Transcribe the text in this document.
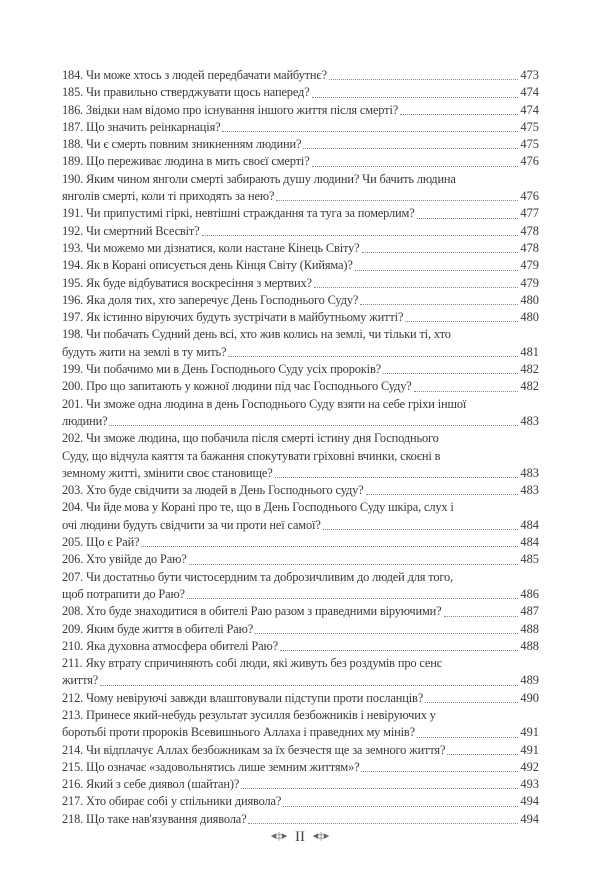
184. Чи може хтось з людей передбачати майбутнє?	473
185. Чи правильно стверджувати щось наперед?	474
186. Звідки нам відомо про існування іншого життя після смерті?	474
187. Що значить реінкарнація?	475
188. Чи є смерть повним зникненням людини?	475
189. Що переживає людина в мить своєї смерті?	476
190. Яким чином янголи смерті забирають душу людини? Чи бачить людина
янголів смерті, коли ті приходять за нею?	476
191. Чи припустимі гіркі, невтішні страждання та туга за померлим?	477
192. Чи смертний Всесвіт?	478
193. Чи можемо ми дізнатися, коли настане Кінець Світу?	478
194. Як в Корані описується день Кінця Світу (Кийяма)?	479
195. Як буде відбуватися воскресіння з мертвих?	479
196. Яка доля тих, хто заперечує День Господнього Суду?	480
197. Як істинно віруючих будуть зустрічати в майбутньому житті?	480
198. Чи побачать Судний день всі, хто жив колись на землі, чи тільки ті, хто
будуть жити на землі в ту мить?	481
199. Чи побачимо ми в День Господнього Суду усіх пророків?	482
200. Про що запитають у кожної людини під час Господнього Суду?	482
201. Чи зможе одна людина в день Господнього Суду взяти на себе гріхи іншої
людини?	483
202. Чи зможе людина, що побачила після смерті істину дня Господнього
Суду, що відчула каяття та бажання спокутувати гріховні вчинки, скоєні в
земному житті, змінити своє становище?	483
203. Хто буде свідчити за людей в День Господнього суду?	483
204. Чи йде мова у Корані про те, що в День Господнього Суду шкіра, слух і
очі людини будуть свідчити за чи проти неї самої?	484
205. Що є Рай?	484
206. Хто увійде до Раю?	485
207. Чи достатньо бути чистосердним та доброзичливим до людей для того,
щоб потрапити до Раю?	486
208. Хто буде знаходитися в обителі Раю разом з праведними віруючими?	487
209. Яким буде життя в обителі Раю?	488
210. Яка духовна атмосфера обителі Раю?	488
211. Яку втрату спричиняють собі люди, які живуть без роздумів про сенс
життя?	489
212. Чому невіруючі завжди влаштовували підступи проти посланців?	490
213. Принесе який-небудь результат зусилля безбожників і невіруючих у
боротьбі проти пророків Всевишнього Аллаха і праведних му мінів?	491
214. Чи відплачує Аллах безбожникам за їх безчестя ще за земного життя?	491
215. Що означає «задовольнятись лише земним життям»?	492
216. Який з себе диявол (шайтан)?	493
217. Хто обирає собі у спільники диявола?	494
218. Що таке нав'язування диявола?	494
◂‡▸ II ◂‡▸
